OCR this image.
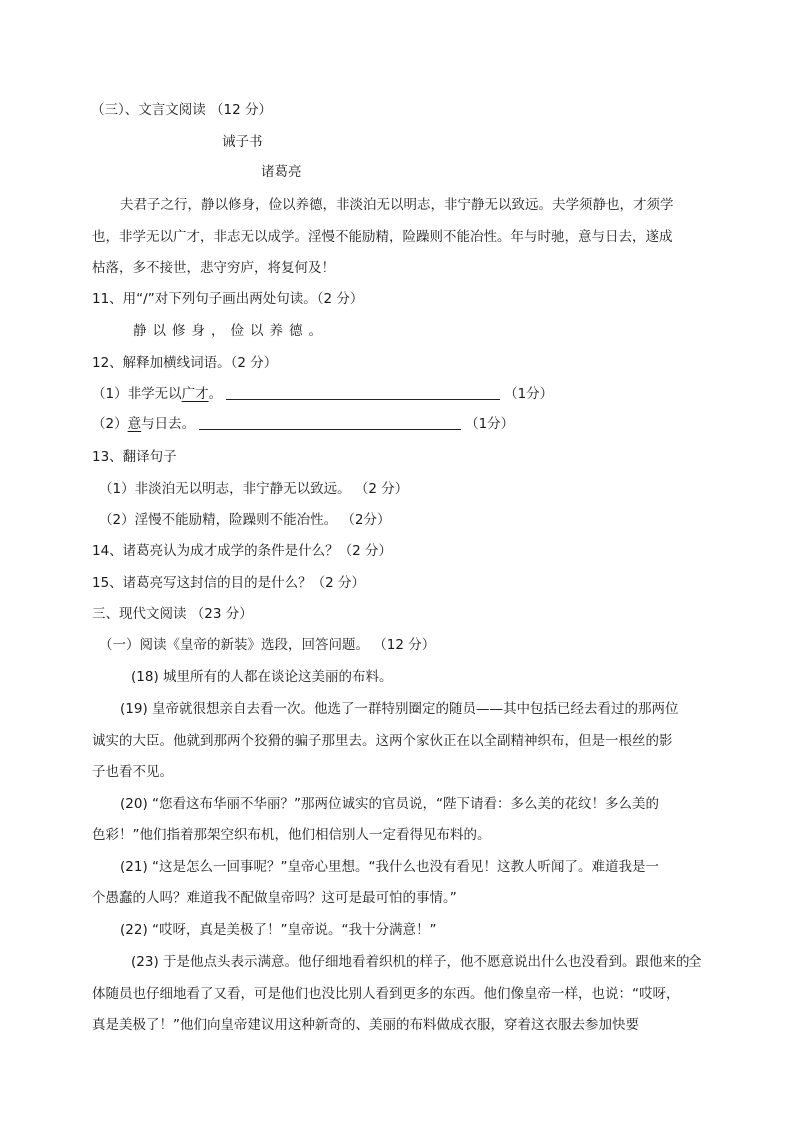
（三）、文言文阅读 （12 分）
诫子书
诸葛亮
夫君子之行，静以修身，俭以养德，非淡泊无以明志，非宁静无以致远。夫学须静也，才须学
也，非学无以广才，非志无以成学。淫慢不能励精，险躁则不能冶性。年与时驰，意与日去，遂成
枯落，多不接世，悲守穷庐，将复何及！
11、用“/”对下列句子画出两处句读。（2 分）
静以修身，俭以养德。
12、解释加横线词语。（2 分）
（1）非学无以广才。	（1分）
（2）意与日去。	（1分）
13、翻译句子
（1）非淡泊无以明志，非宁静无以致远。 （2 分）
（2）淫慢不能励精，险躁则不能冶性。 （2分）
14、诸葛亮认为成才成学的条件是什么？（2 分）
15、诸葛亮写这封信的目的是什么？（2 分）
三、现代文阅读 （23 分）
（一）阅读《皇帝的新装》选段，回答问题。 （12 分）
(18) 城里所有的人都在谈论这美丽的布料。
(19) 皇帝就很想亲自去看一次。他选了一群特别圈定的随员——其中包括已经去看过的那两位
诚实的大臣。他就到那两个狡猾的骗子那里去。这两个家伙正在以全副精神织布，但是一根丝的影
子也看不见。
(20) “您看这布华丽不华丽？”那两位诚实的官员说，“陛下请看：多么美的花纹！多么美的
色彩！”他们指着那架空织布机，他们相信别人一定看得见布料的。
(21) “这是怎么一回事呢？”皇帝心里想。“我什么也没有看见！这教人听闻了。难道我是一
个愚蠢的人吗？难道我不配做皇帝吗？这可是最可怕的事情。”
(22) “哎呀，真是美极了！”皇帝说。“我十分满意！”
(23) 于是他点头表示满意。他仔细地看着织机的样子，他不愿意说出什么也没看到。跟他来的
全
体随员也仔细地看了又看，可是他们也没比别人看到更多的东西。他们像皇帝一样，也说：“哎呀，
真是美极了！”他们向皇帝建议用这种新奇的、美丽的布料做成衣服，穿着这衣服去参加快要
